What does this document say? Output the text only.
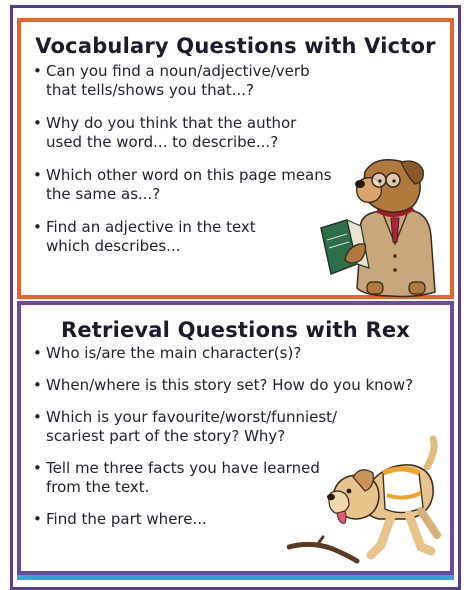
Vocabulary Questions with Victor
• Can you find a noun/adjective/verb
that tells/shows you that...?
• Why do you think that the author
used the word... to describe...?
• Which other word on this page means
the same as...?
• Find an adjective in the text
which describes...
Retrieval Questions with Rex
• Who is/are the main character(s)?
• When/where is this story set? How do you know?
• Which is your favourite/worst/funniest/
scariest part of the story? Why?
• Tell me three facts you have learned
from the text.
• Find the part where...
